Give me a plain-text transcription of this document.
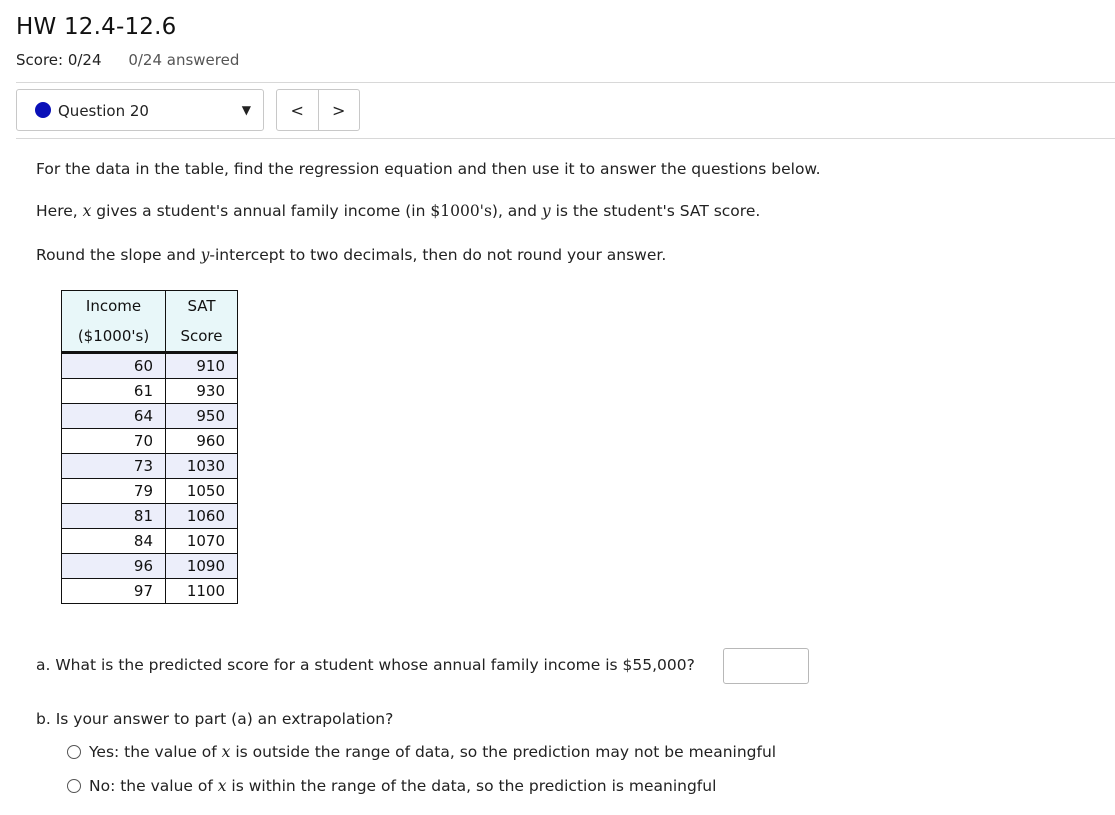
HW 12.4-12.6
Score: 0/24 0/24 answered
Question 20	▼	<	>
For the data in the table, find the regression equation and then use it to answer the questions below.
Here, x gives a student's annual family income (in $1000's), and y is the student's SAT score.
Round the slope and y-intercept to two decimals, then do not round your answer.
Income	SAT
($1000's)	Score
60	910
61	930
64	950
70	960
73	1030
79	1050
81	1060
84	1070
96	1090
97	1100
a. What is the predicted score for a student whose annual family income is $55,000?
b. Is your answer to part (a) an extrapolation?
Yes: the value of x is outside the range of data, so the prediction may not be meaningful
No: the value of x is within the range of the data, so the prediction is meaningful
